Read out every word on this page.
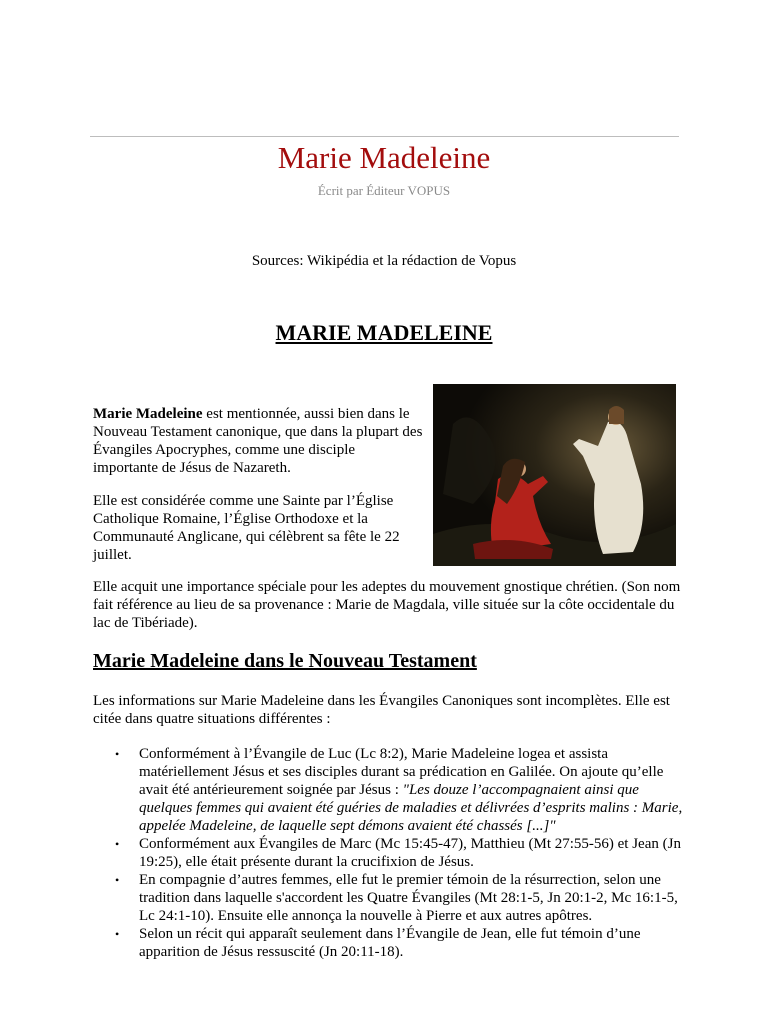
Marie Madeleine
Écrit par Éditeur VOPUS
Sources: Wikipédia et la rédaction de Vopus
MARIE MADELEINE
Marie Madeleine est mentionnée, aussi bien dans le Nouveau Testament canonique, que dans la plupart des Évangiles Apocryphes, comme une disciple importante de Jésus de Nazareth.
Elle est considérée comme une Sainte par l’Église Catholique Romaine, l’Église Orthodoxe et la Communauté Anglicane, qui célèbrent sa fête le 22 juillet.
Elle acquit une importance spéciale pour les adeptes du mouvement gnostique chrétien. (Son nom fait référence au lieu de sa provenance : Marie de Magdala, ville située sur la côte occidentale du lac de Tibériade).
Marie Madeleine dans le Nouveau Testament
Les informations sur Marie Madeleine dans les Évangiles Canoniques sont incomplètes. Elle est citée dans quatre situations différentes :
• Conformément à l’Évangile de Luc (Lc 8:2), Marie Madeleine logea et assista matériellement Jésus et ses disciples durant sa prédication en Galilée. On ajoute qu’elle avait été antérieurement soignée par Jésus : "Les douze l’accompagnaient ainsi que quelques femmes qui avaient été guéries de maladies et délivrées d’esprits malins : Marie, appelée Madeleine, de laquelle sept démons avaient été chassés [...]"
• Conformément aux Évangiles de Marc (Mc 15:45-47), Matthieu (Mt 27:55-56) et Jean (Jn 19:25), elle était présente durant la crucifixion de Jésus.
• En compagnie d’autres femmes, elle fut le premier témoin de la résurrection, selon une tradition dans laquelle s'accordent les Quatre Évangiles (Mt 28:1-5, Jn 20:1-2, Mc 16:1-5, Lc 24:1-10). Ensuite elle annonça la nouvelle à Pierre et aux autres apôtres.
• Selon un récit qui apparaît seulement dans l’Évangile de Jean, elle fut témoin d’une apparition de Jésus ressuscité (Jn 20:11-18).
